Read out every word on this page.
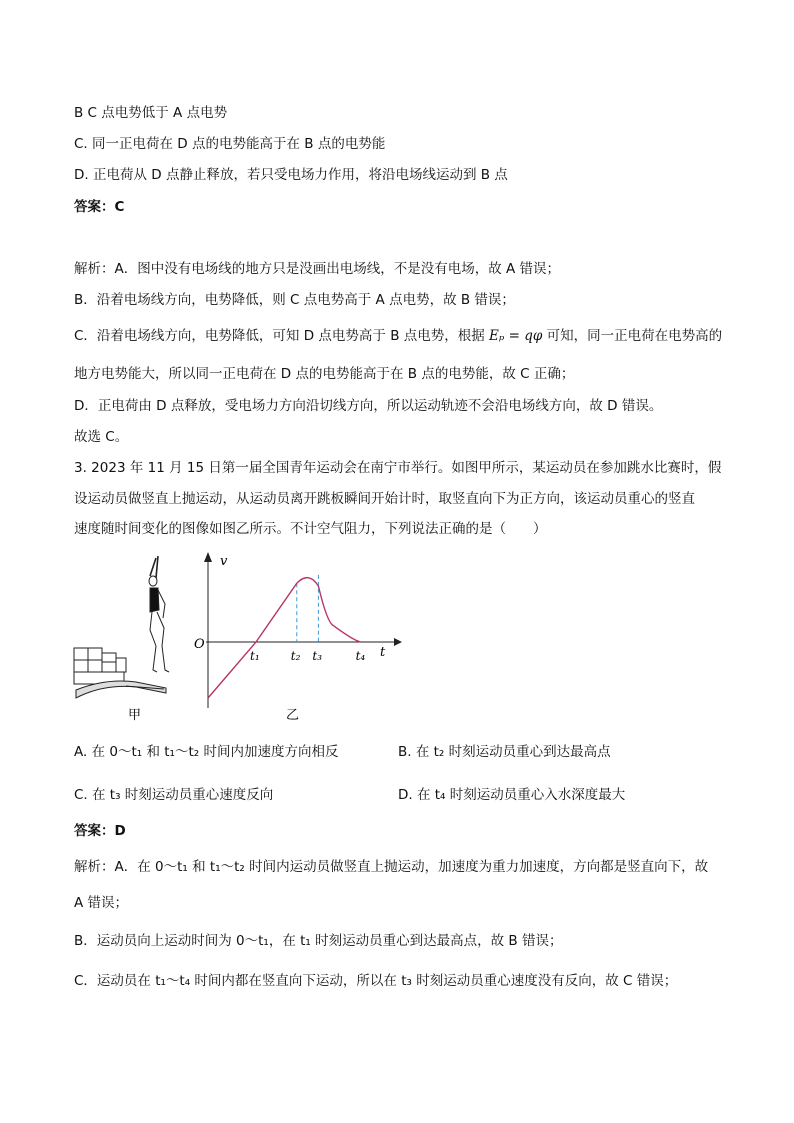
B C 点电势低于 A 点电势
C. 同一正电荷在 D 点的电势能高于在 B 点的电势能
D. 正电荷从 D 点静止释放，若只受电场力作用，将沿电场线运动到 B 点
答案：C
解析：A．图中没有电场线的地方只是没画出电场线，不是没有电场，故 A 错误；
B．沿着电场线方向，电势降低，则 C 点电势高于 A 点电势，故 B 错误；
C．沿着电场线方向，电势降低，可知 D 点电势高于 B 点电势，根据 Eₚ = qφ 可知，同一正电荷在电势高的
地方电势能大，所以同一正电荷在 D 点的电势能高于在 B 点的电势能，故 C 正确；
D．正电荷由 D 点释放，受电场力方向沿切线方向，所以运动轨迹不会沿电场线方向，故 D 错误。
故选 C。
3. 2023 年 11 月 15 日第一届全国青年运动会在南宁市举行。如图甲所示，某运动员在参加跳水比赛时，假
设运动员做竖直上抛运动，从运动员离开跳板瞬间开始计时，取竖直向下为正方向，该运动员重心的竖直
速度随时间变化的图像如图乙所示。不计空气阻力，下列说法正确的是（　　）
甲
v
t
O
t₁	t₂ t₃	t₄
乙
A. 在 0～t₁ 和 t₁～t₂ 时间内加速度方向相反	B. 在 t₂ 时刻运动员重心到达最高点
C. 在 t₃ 时刻运动员重心速度反向	D. 在 t₄ 时刻运动员重心入水深度最大
答案：D
解析：A．在 0～t₁ 和 t₁～t₂ 时间内运动员做竖直上抛运动，加速度为重力加速度，方向都是竖直向下，故
A 错误；
B．运动员向上运动时间为 0～t₁，在 t₁ 时刻运动员重心到达最高点，故 B 错误；
C．运动员在 t₁～t₄ 时间内都在竖直向下运动，所以在 t₃ 时刻运动员重心速度没有反向，故 C 错误；
